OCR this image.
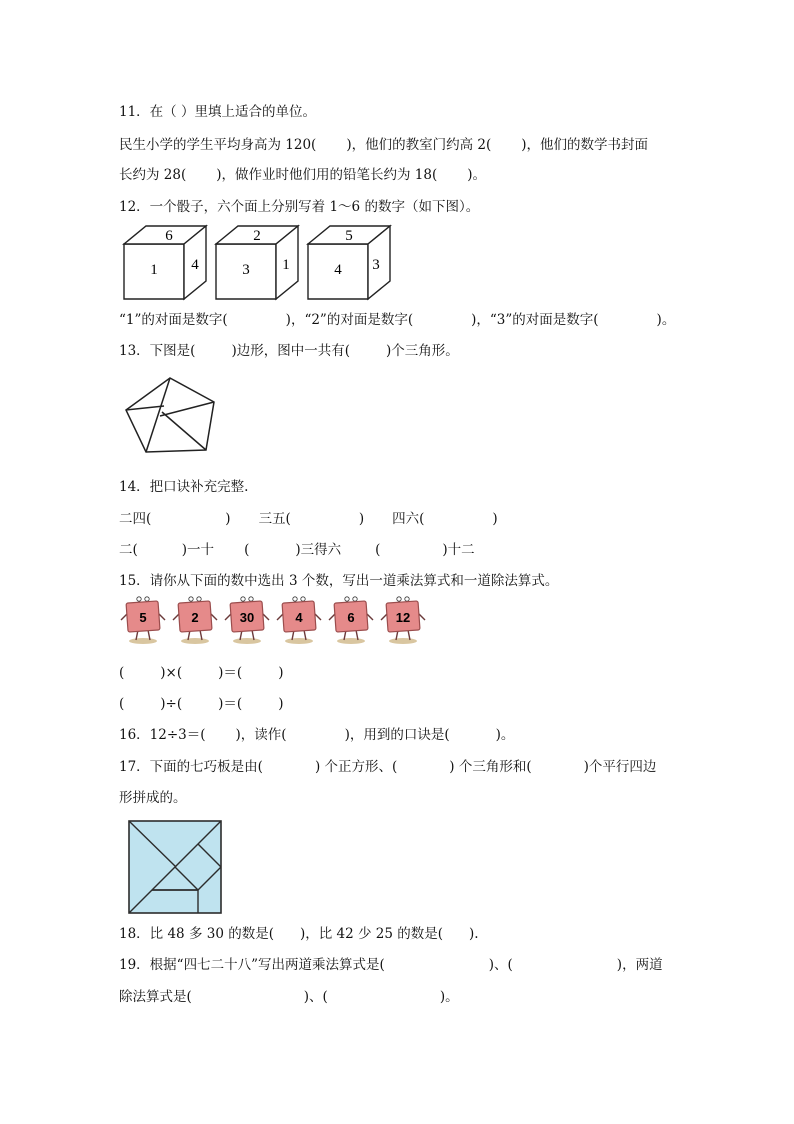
11．在（ ）里填上适合的单位。
民生小学的学生平均身高为 120( )，他们的教室门约高 2( )，他们的数学书封面
长约为 28( )，做作业时他们用的铅笔长约为 18( )。
12．一个骰子，六个面上分别写着 1～6 的数字（如下图）。
6
1 4
2
3 1
5
4 3
“1”的对面是数字(	)，“2”的对面是数字(	)，“3”的对面是数字(	)。
13．下图是(	)边形，图中一共有(	)个三角形。
14．把口诀补充完整.
二四(	) 三五(	) 四六(	)
二(	)一十 (	)三得六	(	)十二
15．请你从下面的数中选出 3 个数，写出一道乘法算式和一道除法算式。
5	2	30	4	6	12
(	)×(	)＝(	)
(	)÷(	)＝(	)
16．12÷3＝( )，读作(	)，用到的口诀是(	)。
17．下面的七巧板是由(	) 个正方形、(	) 个三角形和(	)个平行四边
形拼成的。
18．比 48 多 30 的数是( )，比 42 少 25 的数是( ).
19．根据“四七二十八”写出两道乘法算式是(	)、(	)，两道
除法算式是(	)、(	)。
